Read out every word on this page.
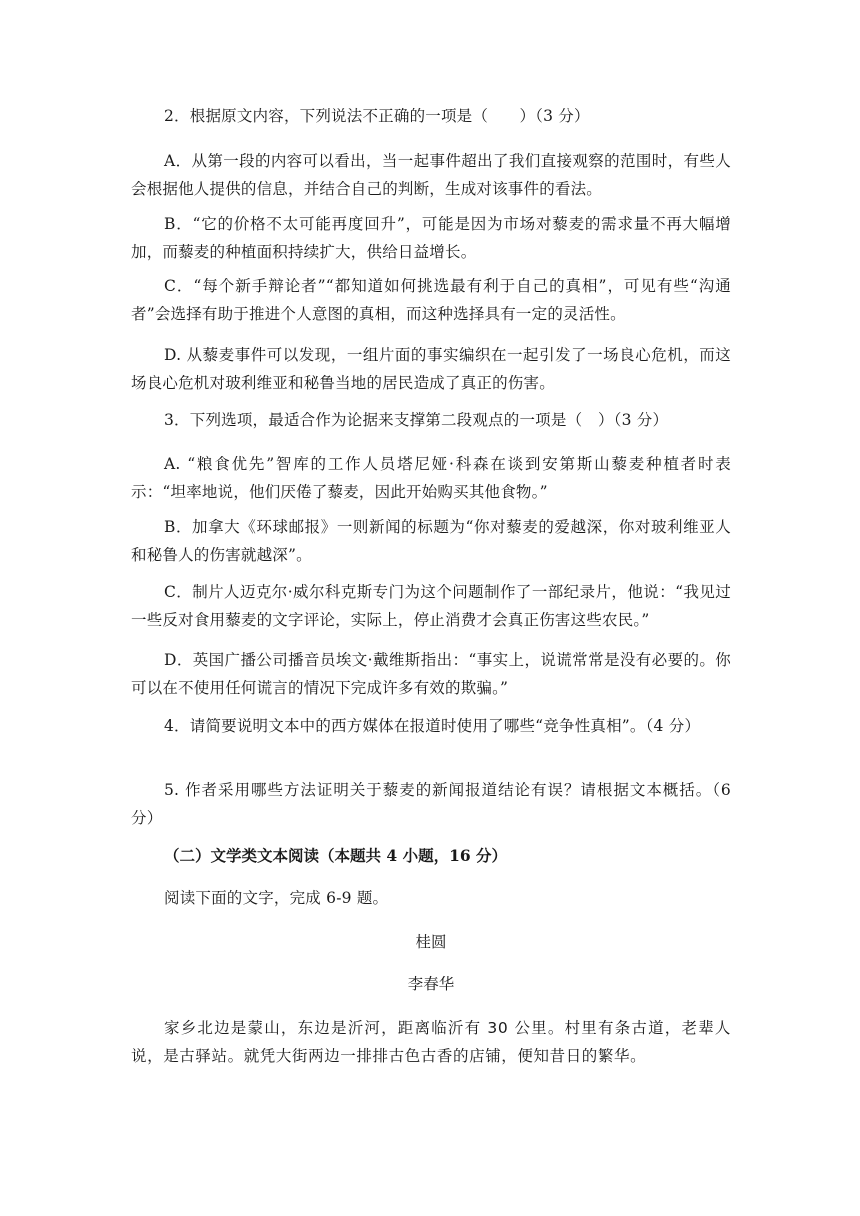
2．根据原文内容，下列说法不正确的一项是（　　）（3 分）

A．从第一段的内容可以看出，当一起事件超出了我们直接观察的范围时，有些人会根据他人提供的信息，并结合自己的判断，生成对该事件的看法。

B．“它的价格不太可能再度回升”，可能是因为市场对藜麦的需求量不再大幅增加，而藜麦的种植面积持续扩大，供给日益增长。

C．“每个新手辩论者”“都知道如何挑选最有利于自己的真相”，可见有些“沟通者”会选择有助于推进个人意图的真相，而这种选择具有一定的灵活性。

D. 从藜麦事件可以发现，一组片面的事实编织在一起引发了一场良心危机，而这场良心危机对玻利维亚和秘鲁当地的居民造成了真正的伤害。

3．下列选项，最适合作为论据来支撑第二段观点的一项是（　）（3 分）

A. “粮食优先”智库的工作人员塔尼娅·科森在谈到安第斯山藜麦种植者时表示：“坦率地说，他们厌倦了藜麦，因此开始购买其他食物。”

B．加拿大《环球邮报》一则新闻的标题为“你对藜麦的爱越深，你对玻利维亚人和秘鲁人的伤害就越深”。

C．制片人迈克尔·威尔科克斯专门为这个问题制作了一部纪录片，他说：“我见过一些反对食用藜麦的文字评论，实际上，停止消费才会真正伤害这些农民。”

D．英国广播公司播音员埃文·戴维斯指出：“事实上，说谎常常是没有必要的。你可以在不使用任何谎言的情况下完成许多有效的欺骗。”

4．请简要说明文本中的西方媒体在报道时使用了哪些“竞争性真相”。（4 分）

5. 作者采用哪些方法证明关于藜麦的新闻报道结论有误？请根据文本概括。（6 分）

（二）文学类文本阅读（本题共 4 小题，16 分）

阅读下面的文字，完成 6-9 题。

桂圆

李春华

家乡北边是蒙山，东边是沂河，距离临沂有 30 公里。村里有条古道，老辈人说，是古驿站。就凭大街两边一排排古色古香的店铺，便知昔日的繁华。
